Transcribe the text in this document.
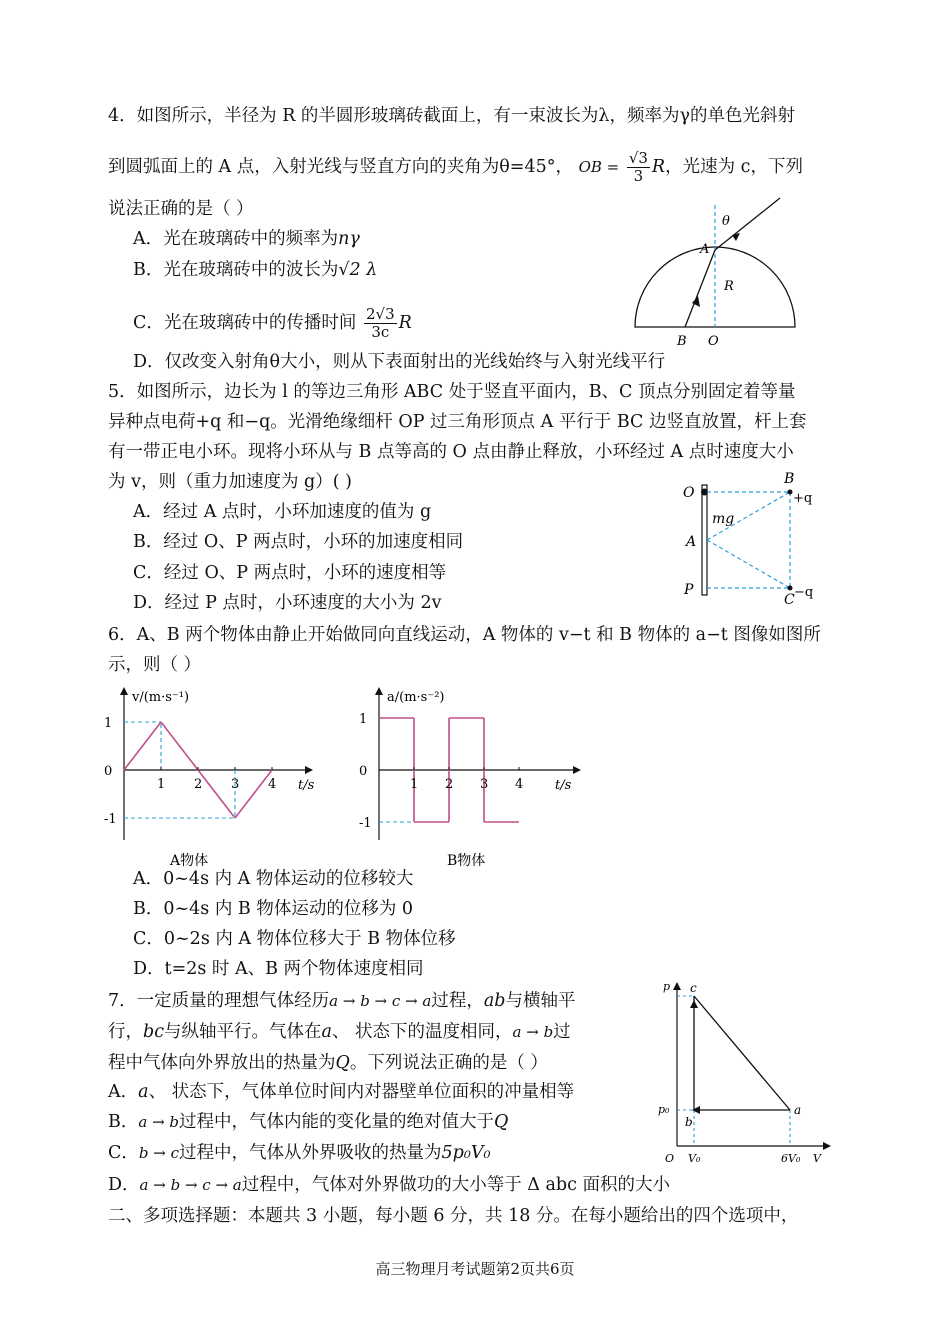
4．如图所示，半径为 R 的半圆形玻璃砖截面上，有一束波长为λ，频率为γ的单色光斜射
到圆弧面上的 A 点，入射光线与竖直方向的夹角为θ=45°， OB = $\frac{√3}{3}$ R，光速为 c，下列
说法正确的是（ ）
A．光在玻璃砖中的频率为nγ
B．光在玻璃砖中的波长为√2 λ
C．光在玻璃砖中的传播时间 $\frac{2√3}{3c}$ R
D．仅改变入射角θ大小，则从下表面射出的光线始终与入射光线平行
θ
A
R
B O
5．如图所示，边长为 l 的等边三角形 ABC 处于竖直平面内，B、C 顶点分别固定着等量
异种点电荷+q 和−q。光滑绝缘细杆 OP 过三角形顶点 A 平行于 BC 边竖直放置，杆上套
有一带正电小环。现将小环从与 B 点等高的 O 点由静止释放，小环经过 A 点时速度大小
为 v，则（重力加速度为 g）( )
A．经过 A 点时，小环加速度的值为 g
B．经过 O、P 两点时，小环的加速度相同
C．经过 O、P 两点时，小环的速度相等
D．经过 P 点时，小环速度的大小为 2v
O
B
+q
mg
A
P
C −q
6．A、B 两个物体由静止开始做同向直线运动，A 物体的 v−t 和 B 物体的 a−t 图像如图所
示，则（ ）
1 2 3 4
1
0
-1
v/(m·s⁻¹)
t/s
A物体
1 2 3 4
1
0
-1
a/(m·s⁻²)
t/s
B物体
A．0~4s 内 A 物体运动的位移较大
B．0~4s 内 B 物体运动的位移为 0
C．0~2s 内 A 物体位移大于 B 物体位移
D．t=2s 时 A、B 两个物体速度相同
7．一定质量的理想气体经历a → b → c → a过程，ab与横轴平
行，bc与纵轴平行。气体在a、 状态下的温度相同，a → b过
程中气体向外界放出的热量为Q。下列说法正确的是（ ）
A．a、 状态下，气体单位时间内对器壁单位面积的冲量相等
B．a → b过程中，气体内能的变化量的绝对值大于Q
C．b → c过程中，气体从外界吸收的热量为5p₀V₀
D．a → b → c → a过程中，气体对外界做功的大小等于 Δ abc 面积的大小
p c
p₀
b
a
O V₀	6V₀ V
二、多项选择题：本题共 3 小题，每小题 6 分，共 18 分。在每小题给出的四个选项中，
高三物理月考试题第2页共6页
